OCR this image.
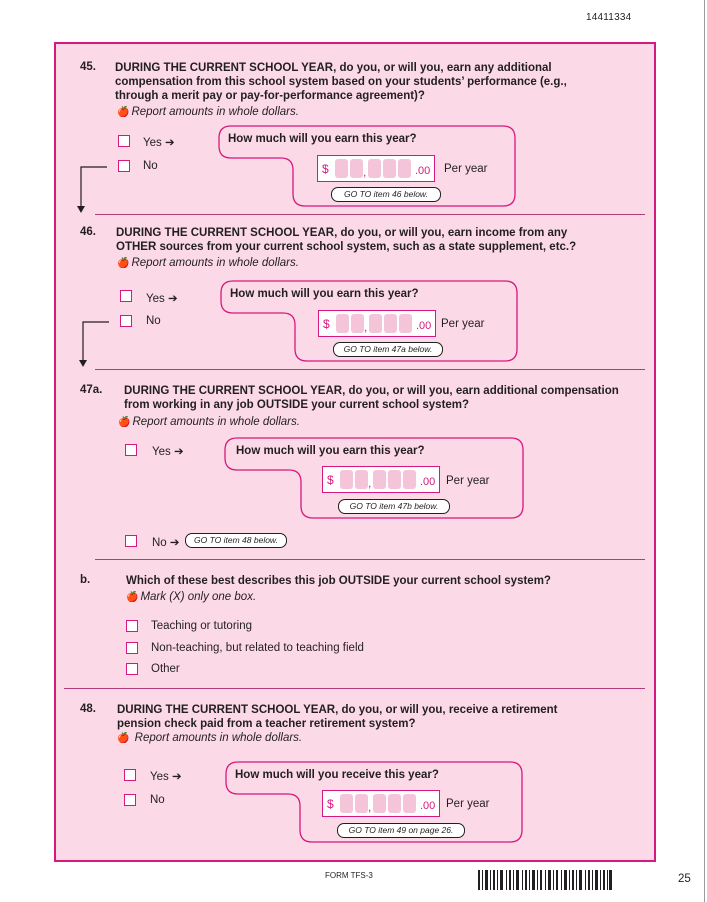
14411334
45. DURING THE CURRENT SCHOOL YEAR, do you, or will you, earn any additional compensation from this school system based on your students’ performance (e.g., through a merit pay or pay-for-performance agreement)?
🍎 Report amounts in whole dollars.
Yes ➔
No
How much will you earn this year?
$	,	.00 Per year
GO TO item 46 below.
46. DURING THE CURRENT SCHOOL YEAR, do you, or will you, earn income from any OTHER sources from your current school system, such as a state supplement, etc.?
🍎 Report amounts in whole dollars.
Yes ➔
No
How much will you earn this year?
$	,	.00 Per year
GO TO item 47a below.
47a. DURING THE CURRENT SCHOOL YEAR, do you, or will you, earn additional compensation from working in any job OUTSIDE your current school system?
🍎 Report amounts in whole dollars.
Yes ➔	How much will you earn this year?
$	,	.00 Per year
GO TO item 47b below.
No ➔	GO TO item 48 below.
b.	Which of these best describes this job OUTSIDE your current school system?
🍎 Mark (X) only one box.
Teaching or tutoring
Non-teaching, but related to teaching field
Other
48. DURING THE CURRENT SCHOOL YEAR, do you, or will you, receive a retirement pension check paid from a teacher retirement system?
🍎 Report amounts in whole dollars.
Yes ➔
No
How much will you receive this year?
$	,	.00 Per year
GO TO item 49 on page 26.
FORM TFS-3	25
